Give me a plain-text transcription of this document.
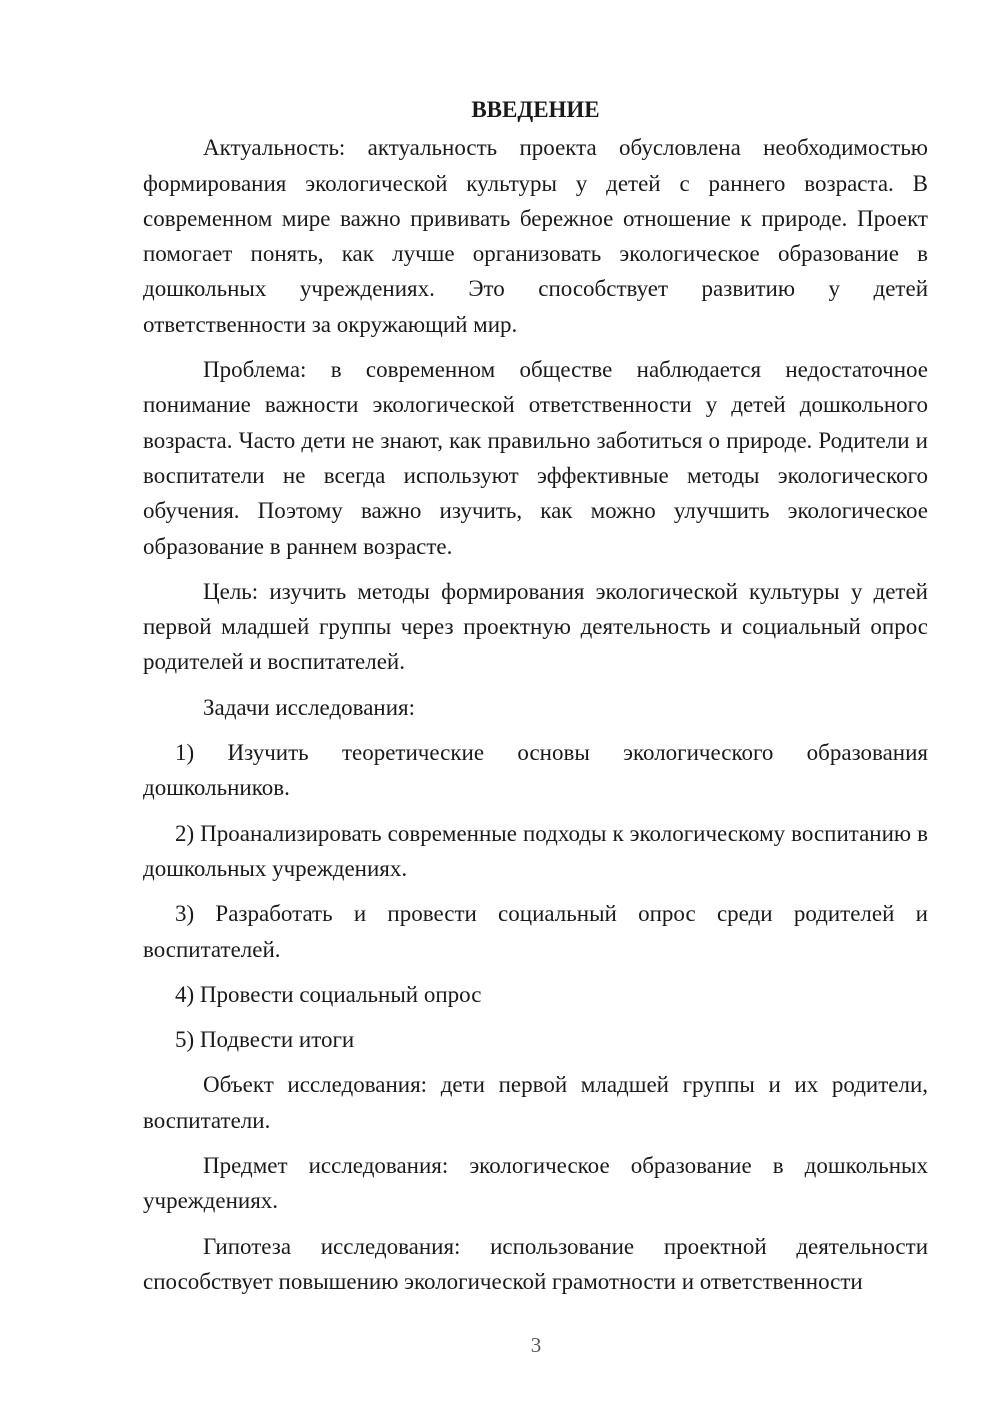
ВВЕДЕНИЕ

Актуальность: актуальность проекта обусловлена необходимостью формирования экологической культуры у детей с раннего возраста. В современном мире важно прививать бережное отношение к природе. Проект помогает понять, как лучше организовать экологическое образование в дошкольных учреждениях. Это способствует развитию у детей ответственности за окружающий мир.

Проблема: в современном обществе наблюдается недостаточное понимание важности экологической ответственности у детей дошкольного возраста. Часто дети не знают, как правильно заботиться о природе. Родители и воспитатели не всегда используют эффективные методы экологического обучения. Поэтому важно изучить, как можно улучшить экологическое образование в раннем возрасте.

Цель: изучить методы формирования экологической культуры у детей первой младшей группы через проектную деятельность и социальный опрос родителей и воспитателей.

Задачи исследования:

1) Изучить теоретические основы экологического образования дошкольников.

2) Проанализировать современные подходы к экологическому воспитанию в дошкольных учреждениях.

3) Разработать и провести социальный опрос среди родителей и воспитателей.

4) Провести социальный опрос

5) Подвести итоги

Объект исследования: дети первой младшей группы и их родители, воспитатели.

Предмет исследования: экологическое образование в дошкольных учреждениях.

Гипотеза исследования: использование проектной деятельности способствует повышению экологической грамотности и ответственности

3
